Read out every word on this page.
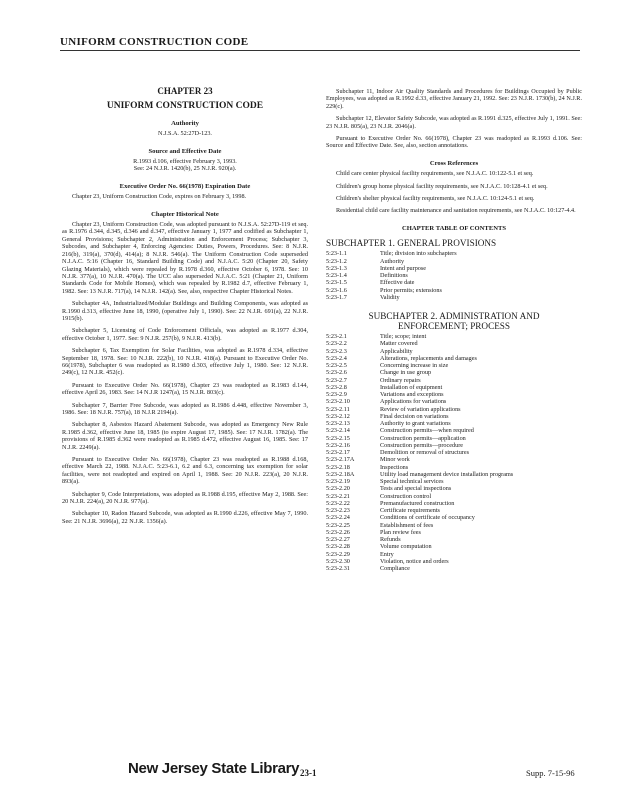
UNIFORM CONSTRUCTION CODE
CHAPTER 23
UNIFORM CONSTRUCTION CODE
Authority
N.J.S.A. 52:27D-123.
Source and Effective Date
R.1993 d.106, effective February 3, 1993.
See: 24 N.J.R. 1420(b), 25 N.J.R. 920(a).
Executive Order No. 66(1978) Expiration Date

Chapter 23, Uniform Construction Code, expires on February 3, 1998.

Chapter Historical Note

Chapter 23, Uniform Construction Code, was adopted pursuant to N.J.S.A. 52:27D-119 et seq. as R.1976 d.344, d.345, d.346 and d.347, effective January 1, 1977 and codified as Subchapter 1, General Provisions; Subchapter 2, Administration and Enforcement Process; Subchapter 3, Subcodes, and Subchapter 4, Enforcing Agencies: Duties, Powers, Procedures. See: 8 N.J.R. 216(b), 319(a), 370(d), 414(a); 8 N.J.R. 546(a). The Uniform Construction Code superseded N.J.A.C. 5:16 (Chapter 16, Standard Building Code) and N.J.A.C. 5:20 (Chapter 20, Safety Glazing Materials), which were repealed by R.1978 d.360, effective October 6, 1978. See: 10 N.J.R. 377(a), 10 N.J.R. 470(a). The UCC also superseded N.J.A.C. 5:21 (Chapter 21, Uniform Standards Code for Mobile Homes), which was repealed by R.1982 d.7, effective February 1, 1982. See: 13 N.J.R. 717(a), 14 N.J.R. 142(a). See, also, respective Chapter Historical Notes.

Subchapter 4A, Industrialized/Modular Buildings and Building Components, was adopted as R.1990 d.313, effective June 18, 1990, (operative July 1, 1990). See: 22 N.J.R. 691(a), 22 N.J.R. 1915(b).

Subchapter 5, Licensing of Code Enforcement Officials, was adopted as R.1977 d.304, effective October 1, 1977. See: 9 N.J.R. 257(b), 9 N.J.R. 413(b).

Subchapter 6, Tax Exemption for Solar Facilities, was adopted as R.1978 d.334, effective September 18, 1978. See: 10 N.J.R. 222(b), 10 N.J.R. 418(a). Pursuant to Executive Order No. 66(1978), Subchapter 6 was readopted as R.1980 d.303, effective July 1, 1980. See: 12 N.J.R. 249(c), 12 N.J.R. 452(c).

Pursuant to Executive Order No. 66(1978), Chapter 23 was readopted as R.1983 d.144, effective April 26, 1983. See: 14 N.J.R 1247(a), 15 N.J.R. 803(c).

Subchapter 7, Barrier Free Subcode, was adopted as R.1986 d.448, effective November 3, 1986. See: 18 N.J.R. 757(a), 18 N.J.R 2194(a).

Subchapter 8, Asbestos Hazard Abatement Subcode, was adopted as Emergency New Rule R.1985 d.362, effective June 18, 1985 (to expire August 17, 1985). See: 17 N.J.R. 1782(a). The provisions of R.1985 d.362 were readopted as R.1985 d.472, effective August 16, 1985. See: 17 N.J.R. 2249(a).

Pursuant to Executive Order No. 66(1978), Chapter 23 was readopted as R.1988 d.168, effective March 22, 1988. N.J.A.C. 5:23-6.1, 6.2 and 6.3, concerning tax exemption for solar facilities, were not readopted and expired on April 1, 1988. See: 20 N.J.R. 223(a), 20 N.J.R. 893(a).

Subchapter 9, Code Interpretations, was adopted as R.1988 d.195, effective May 2, 1988. See: 20 N.J.R. 224(a), 20 N.J.R. 977(a).

Subchapter 10, Radon Hazard Subcode, was adopted as R.1990 d.226, effective May 7, 1990. See: 21 N.J.R. 3696(a), 22 N.J.R. 1356(a).

Subchapter 11, Indoor Air Quality Standards and Procedures for Buildings Occupied by Public Employees, was adopted as R.1992 d.33, effective January 21, 1992. See: 23 N.J.R. 1730(b), 24 N.J.R. 229(c).

Subchapter 12, Elevator Safety Subcode, was adopted as R.1991 d.325, effective July 1, 1991. See: 23 N.J.R. 805(a), 23 N.J.R. 2046(a).

Pursuant to Executive Order No. 66(1978), Chapter 23 was readopted as R.1993 d.106. See: Source and Effective Date. See, also, section annotations.

Cross References

Child care center physical facility requirements, see N.J.A.C. 10:122-5.1 et seq.

Children's group home physical facility requirements, see N.J.A.C. 10:128-4.1 et seq.

Children's shelter physical facility requirements, see N.J.A.C. 10:124-5.1 et seq.

Residential child care facility maintenance and sanitation requirements, see N.J.A.C. 10:127-4.4.

CHAPTER TABLE OF CONTENTS
SUBCHAPTER 1. GENERAL PROVISIONS
5:23-1.1	Title; division into subchapters
5:23-1.2	Authority
5:23-1.3	Intent and purpose
5:23-1.4	Definitions
5:23-1.5	Effective date
5:23-1.6	Prior permits; extensions
5:23-1.7	Validity
SUBCHAPTER 2. ADMINISTRATION AND
ENFORCEMENT; PROCESS
5:23-2.1	Title; scope; intent
5:23-2.2	Matter covered
5:23-2.3	Applicability
5:23-2.4	Alterations, replacements and damages
5:23-2.5	Concerning increase in size
5:23-2.6	Change in use group
5:23-2.7	Ordinary repairs
5:23-2.8	Installation of equipment
5:23-2.9	Variations and exceptions
5:23-2.10	Applications for variations
5:23-2.11	Review of variation applications
5:23-2.12	Final decision on variations
5:23-2.13	Authority to grant variations
5:23-2.14	Construction permits—when required
5:23-2.15	Construction permits—application
5:23-2.16	Construction permits—procedure
5:23-2.17	Demolition or removal of structures
5:23-2.17A	Minor work
5:23-2.18	Inspections
5:23-2.18A	Utility load management device installation programs
5:23-2.19	Special technical services
5:23-2.20	Tests and special inspections
5:23-2.21	Construction control
5:23-2.22	Premanufactured construction
5:23-2.23	Certificate requirements
5:23-2.24	Conditions of certificate of occupancy
5:23-2.25	Establishment of fees
5:23-2.26	Plan review fees
5:23-2.27	Refunds
5:23-2.28	Volume computation
5:23-2.29	Entry
5:23-2.30	Violation, notice and orders
5:23-2.31	Compliance
New Jersey State Library 23-1	Supp. 7-15-96
